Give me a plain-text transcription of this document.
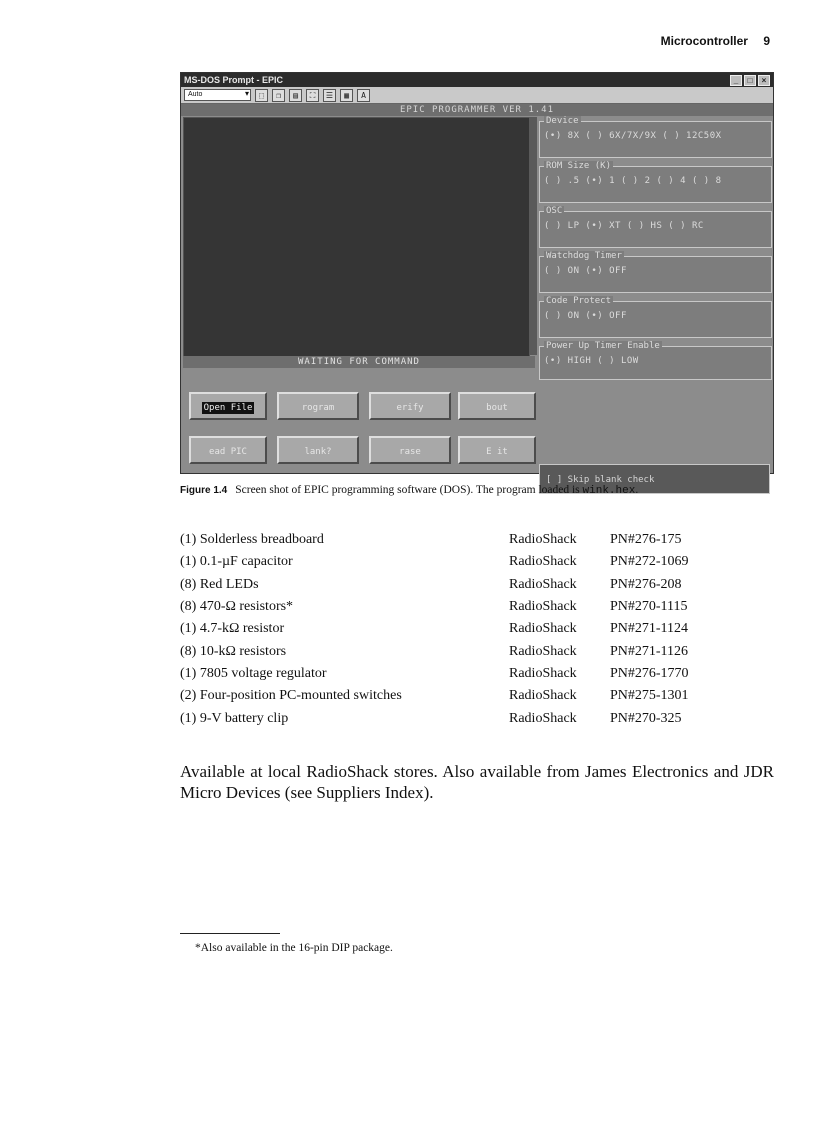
Microcontroller 9
MS-DOS Prompt - EPIC	_	□	×
Auto ▾	⬚	❐	▤	⛶	☰	▦	A
EPIC PROGRAMMER VER 1.41
WAITING FOR COMMAND
Device
(•) 8X ( ) 6X/7X/9X ( ) 12C50X
ROM Size (K)
( ) .5 (•) 1 ( ) 2 ( ) 4 ( ) 8
OSC
( ) LP (•) XT ( ) HS ( ) RC
Watchdog Timer
( ) ON (•) OFF
Code Protect
( ) ON (•) OFF
Power Up Timer Enable
(•) HIGH ( ) LOW
Open File	rogram	erify	bout
ead PIC	lank?	rase	E it
[ ] Skip blank check
Figure 1.4 Screen shot of EPIC programming software (DOS). The program loaded is wink.hex.
(1) Solderless breadboard	RadioShack	PN#276-175
(1) 0.1-µF capacitor	RadioShack	PN#272-1069
(8) Red LEDs	RadioShack	PN#276-208
(8) 470-Ω resistors*	RadioShack	PN#270-1115
(1) 4.7-kΩ resistor	RadioShack	PN#271-1124
(8) 10-kΩ resistors	RadioShack	PN#271-1126
(1) 7805 voltage regulator	RadioShack	PN#276-1770
(2) Four-position PC-mounted switches	RadioShack	PN#275-1301
(1) 9-V battery clip	RadioShack	PN#270-325

Available at local RadioShack stores. Also available from James Electronics and JDR Micro Devices (see Suppliers Index).

*Also available in the 16-pin DIP package.
